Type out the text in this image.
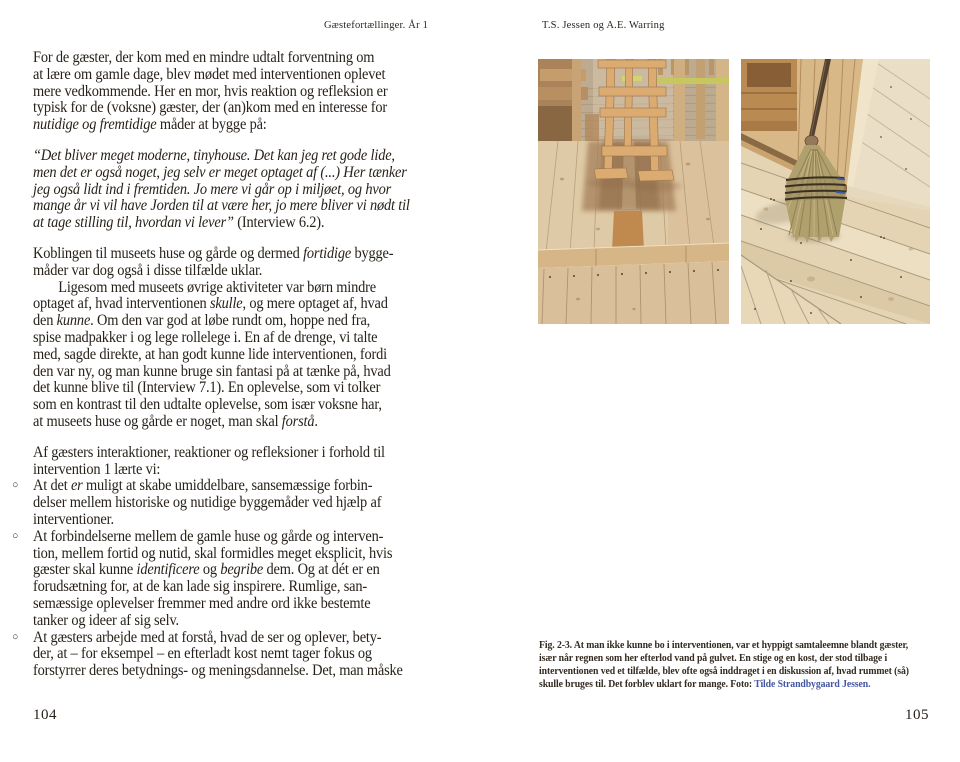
Gæstefortællinger. År 1	T.S. Jessen og A.E. Warring
For de gæster, der kom med en mindre udtalt forventning om
at lære om gamle dage, blev mødet med interventionen oplevet
mere vedkommende. Her en mor, hvis reaktion og refleksion er
typisk for de (voksne) gæster, der (an)kom med en interesse for
nutidige og fremtidige måder at bygge på:
“Det bliver meget moderne, tinyhouse. Det kan jeg ret gode lide,
men det er også noget, jeg selv er meget optaget af (...) Her tænker
jeg også lidt ind i fremtiden. Jo mere vi går op i miljøet, og hvor
mange år vi vil have Jorden til at være her, jo mere bliver vi nødt til
at tage stilling til, hvordan vi lever” (Interview 6.2).
Koblingen til museets huse og gårde og dermed fortidige bygge-
måder var dog også i disse tilfælde uklar.
Ligesom med museets øvrige aktiviteter var børn mindre
optaget af, hvad interventionen skulle, og mere optaget af, hvad
den kunne. Om den var god at løbe rundt om, hoppe ned fra,
spise madpakker i og lege rollelege i. En af de drenge, vi talte
med, sagde direkte, at han godt kunne lide interventionen, fordi
den var ny, og man kunne bruge sin fantasi på at tænke på, hvad
det kunne blive til (Interview 7.1). En oplevelse, som vi tolker
som en kontrast til den udtalte oplevelse, som især voksne har,
at museets huse og gårde er noget, man skal forstå.
Af gæsters interaktioner, reaktioner og refleksioner i forhold til
intervention 1 lærte vi:
○ At det er muligt at skabe umiddelbare, sansemæssige forbin-
delser mellem historiske og nutidige byggemåder ved hjælp af
interventioner.
○ At forbindelserne mellem de gamle huse og gårde og interven-
tion, mellem fortid og nutid, skal formidles meget eksplicit, hvis
gæster skal kunne identificere og begribe dem. Og at dét er en
forudsætning for, at de kan lade sig inspirere. Rumlige, san-
semæssige oplevelser fremmer med andre ord ikke bestemte
tanker og ideer af sig selv.
○ At gæsters arbejde med at forstå, hvad de ser og oplever, bety-
der, at – for eksempel – en efterladt kost nemt tager fokus og
forstyrrer deres betydnings- og meningsdannelse. Det, man måske
Fig. 2-3. At man ikke kunne bo i interventionen, var et hyppigt samtaleemne blandt gæster,
især når regnen som her efterlod vand på gulvet. En stige og en kost, der stod tilbage i
interventionen ved et tilfælde, blev ofte også inddraget i en diskussion af, hvad rummet (så)
skulle bruges til. Det forblev uklart for mange. Foto: Tilde Strandbygaard Jessen.
104	105
